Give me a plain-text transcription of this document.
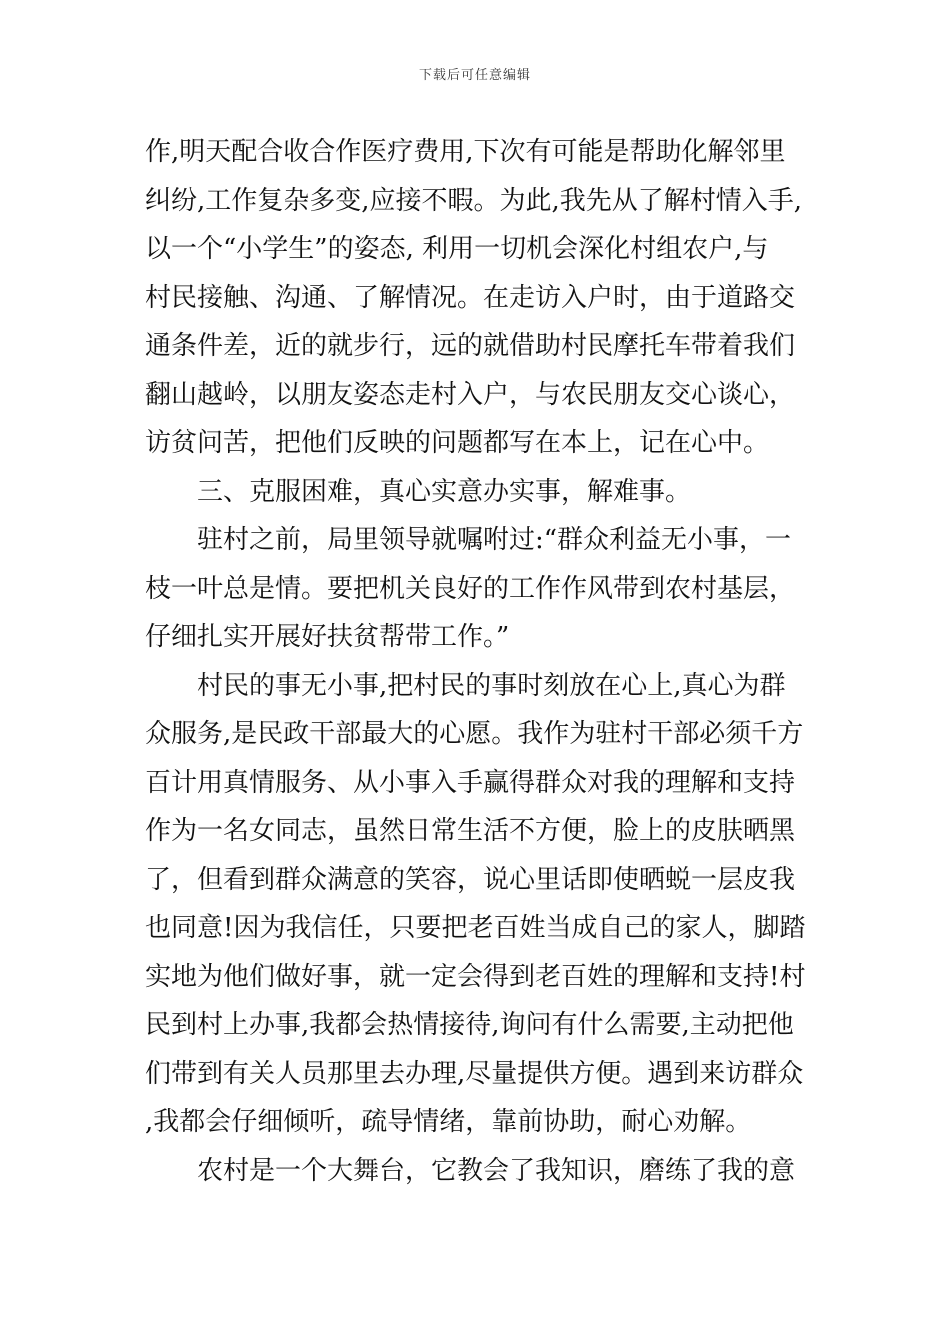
下载后可任意编辑
作,明天配合收合作医疗费用,下次有可能是帮助化解邻里
纠纷,工作复杂多变,应接不暇。为此,我先从了解村情入手,
以一个“小学生”的姿态, 利用一切机会深化村组农户,与
村民接触、沟通、了解情况。在走访入户时，由于道路交
通条件差，近的就步行，远的就借助村民摩托车带着我们
翻山越岭，以朋友姿态走村入户，与农民朋友交心谈心，
访贫问苦，把他们反映的问题都写在本上，记在心中。
三、克服困难，真心实意办实事，解难事。
驻村之前，局里领导就嘱咐过:“群众利益无小事，一
枝一叶总是情。要把机关良好的工作作风带到农村基层，
仔细扎实开展好扶贫帮带工作。”
村民的事无小事,把村民的事时刻放在心上,真心为群
众服务,是民政干部最大的心愿。我作为驻村干部必须千方
百计用真情服务、从小事入手赢得群众对我的理解和支持
作为一名女同志，虽然日常生活不方便，脸上的皮肤晒黑
了，但看到群众满意的笑容，说心里话即使晒蜕一层皮我
也同意!因为我信任，只要把老百姓当成自己的家人，脚踏
实地为他们做好事，就一定会得到老百姓的理解和支持!村
民到村上办事,我都会热情接待,询问有什么需要,主动把他
们带到有关人员那里去办理,尽量提供方便。遇到来访群众
,我都会仔细倾听，疏导情绪，靠前协助，耐心劝解。
农村是一个大舞台，它教会了我知识，磨练了我的意
